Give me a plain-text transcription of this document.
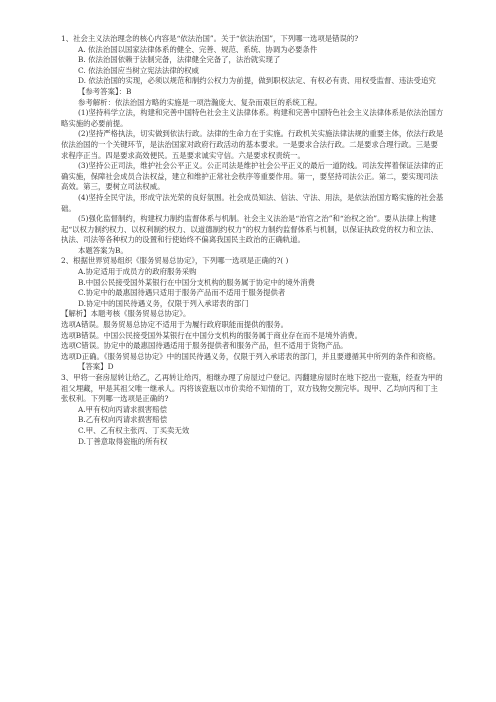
1、社会主义法治理念的核心内容是“依法治国”。关于“依法治国”，下列哪一选项是错误的?

A. 依法治国以国家法律体系的健全、完善、规范、系统、协调为必要条件

B. 依法治国依赖于法制完备，法律健全完备了，法治就实现了

C. 依法治国应当树立宪法法律的权威

D. 依法治国的实现，必须以规范和制约公权力为前提，做到职权法定、有权必有责、用权受监督、违法受追究

【参考答案】：B

参考解析：依法治国方略的实施是一项浩瀚庞大、复杂而艰巨的系统工程。

(1)坚持科学立法，构建和完善中国特色社会主义法律体系。构建和完善中国特色社会主义法律体系是依法治国方略实施的必要前提。

(2)坚持严格执法，切实做到依法行政。法律的生命力在于实施。行政机关实施法律法规的重要主体，依法行政是依法治国的一个关键环节，是法治国家对政府行政活动的基本要求。一是要求合法行政。二是要求合理行政。三是要求程序正当。四是要求高效便民。五是要求诚实守信。六是要求权责统一。

(3)坚持公正司法，维护社会公平正义。公正司法是维护社会公平正义的最后一道防线。司法发挥着保证法律的正确实施，保障社会成员合法权益，建立和维护正常社会秩序等重要作用。第一，要坚持司法公正。第二，要实现司法高效。第三，要树立司法权威。

(4)坚持全民守法，形成守法光荣的良好氛围。社会成员知法、信法、守法、用法，是依法治国方略实施的社会基础。

(5)强化监督制约，构建权力制约监督体系与机制。社会主义法治是“治官之治”和“治权之治”。要从法律上构建起“以权力制约权力、以权利制约权力、以道德制约权力”的权力制约监督体系与机制，以保证执政党的权力和立法、执法、司法等各种权力的设置和行使始终不偏离我国民主政治的正确轨道。

本题答案为B。

2、根据世界贸易组织《服务贸易总协定》，下列哪一选项是正确的?( )

A.协定适用于成员方的政府服务采购

B.中国公民接受国外某银行在中国分支机构的服务属于协定中的境外消费

C.协定中的最惠国待遇只适用于服务产品而不适用于服务提供者

D.协定中的国民待遇义务，仅限于列入承诺表的部门

【解析】本题考核《服务贸易总协定》。

选项A错误。服务贸易总协定不适用于为履行政府职能而提供的服务。

选项B错误。中国公民接受国外某银行在中国分支机构的服务属于商业存在而不是境外消费。

选项C错误。协定中的最惠国待遇适用于服务提供者和服务产品，但不适用于货物产品。

选项D正确。《服务贸易总协定》中的国民待遇义务，仅限于列入承诺表的部门，并且要遵循其中所列的条件和资格。

【答案】D

3、甲将一套房屋转让给乙，乙再转让给丙，相继办理了房屋过户登记。丙翻建房屋时在地下挖出一瓷瓶，经查为甲的祖父埋藏，甲是其祖父唯一继承人。丙将该瓷瓶以市价卖给不知情的丁，双方钱物交割完毕。现甲、乙均向丙和丁主张权利。下列哪一选项是正确的?

A.甲有权向丙请求损害赔偿

B.乙有权向丙请求损害赔偿

C.甲、乙有权主张丙、丁买卖无效

D.丁善意取得瓷瓶的所有权
